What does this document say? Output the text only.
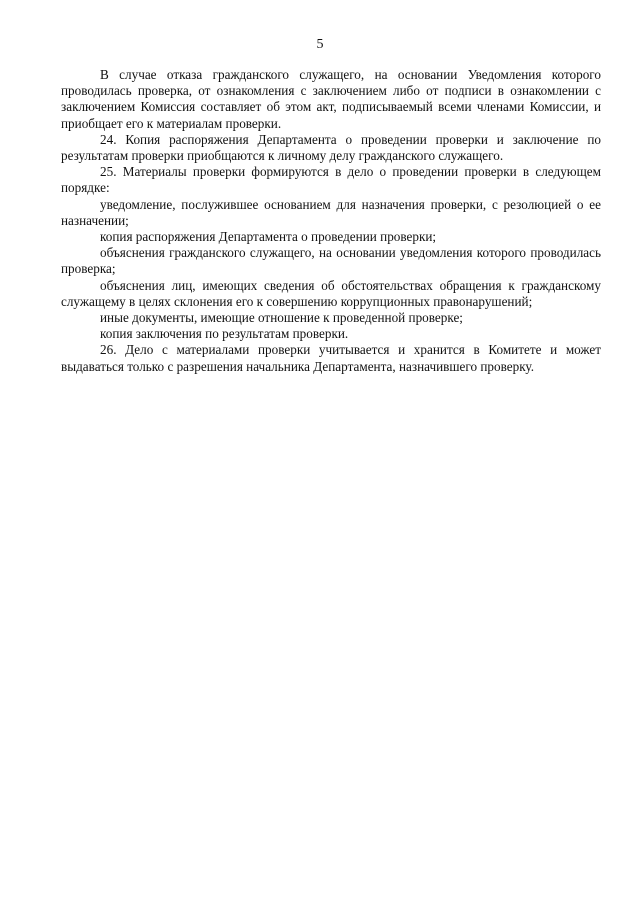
5

В случае отказа гражданского служащего, на основании Уведомления которого проводилась проверка, от ознакомления с заключением либо от подписи в ознакомлении с заключением Комиссия составляет об этом акт, подписываемый всеми членами Комиссии, и приобщает его к материалам проверки.

24. Копия распоряжения Департамента о проведении проверки и заключение по результатам проверки приобщаются к личному делу гражданского служащего.

25. Материалы проверки формируются в дело о проведении проверки в следующем порядке:

уведомление, послужившее основанием для назначения проверки, с резолюцией о ее назначении;

копия распоряжения Департамента о проведении проверки;

объяснения гражданского служащего, на основании уведомления которого проводилась проверка;

объяснения лиц, имеющих сведения об обстоятельствах обращения к гражданскому служащему в целях склонения его к совершению коррупционных правонарушений;

иные документы, имеющие отношение к проведенной проверке;

копия заключения по результатам проверки.

26. Дело с материалами проверки учитывается и хранится в Комитете и может выдаваться только с разрешения начальника Департамента, назначившего проверку.
